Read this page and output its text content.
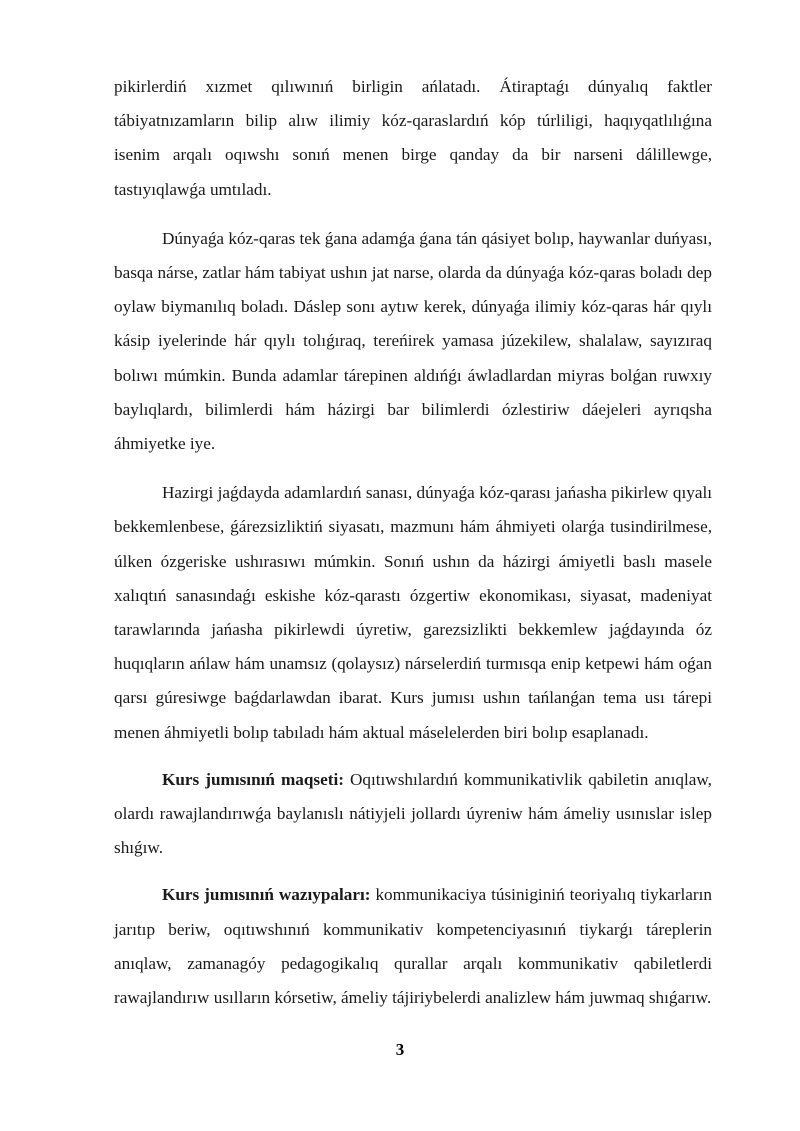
pikirlerdiń xızmet qılıwınıń birligin ańlatadı. Átiraptaǵı dúnyalıq faktler tábiyatnızamların bilip alıw ilimiy kóz-qaraslardıń kóp túrliligi, haqıyqatlılıǵına isenim arqalı oqıwshı sonıń menen birge qanday da bir narseni dálillewge, tastıyıqlawǵa umtıladı.

Dúnyaǵa kóz-qaras tek ǵana adamǵa ǵana tán qásiyet bolıp, haywanlar duńyası, basqa nárse, zatlar hám tabiyat ushın jat narse, olarda da dúnyaǵa kóz-qaras boladı dep oylaw biymanılıq boladı. Dáslep sonı aytıw kerek, dúnyaǵa ilimiy kóz-qaras hár qıylı kásip iyelerinde hár qıylı tolıǵıraq, tereńirek yamasa júzekilew, shalalaw, sayızıraq bolıwı múmkin. Bunda adamlar tárepinen aldıńǵı áwladlardan miyras bolǵan ruwxıy baylıqlardı, bilimlerdi hám házirgi bar bilimlerdi ózlestiriw dáejeleri ayrıqsha áhmiyetke iye.

Hazirgi jaǵdayda adamlardıń sanası, dúnyaǵa kóz-qarası jańasha pikirlew qıyalı bekkemlenbese, ǵárezsizliktiń siyasatı, mazmunı hám áhmiyeti olarǵa tusindirilmese, úlken ózgeriske ushırasıwı múmkin. Sonıń ushın da házirgi ámiyetli baslı masele xalıqtıń sanasındaǵı eskishe kóz-qarastı ózgertiw ekonomikası, siyasat, madeniyat tarawlarında jańasha pikirlewdi úyretiw, garezsizlikti bekkemlew jaǵdayında óz huqıqların ańlaw hám unamsız (qolaysız) nárselerdiń turmısqa enip ketpewi hám oǵan qarsı gúresiwge baǵdarlawdan ibarat. Kurs jumısı ushın tańlanǵan tema usı tárepi menen áhmiyetli bolıp tabıladı hám aktual máselelerden biri bolıp esaplanadı.

Kurs jumısınıń maqseti: Oqıtıwshılardıń kommunikativlik qabiletin anıqlaw, olardı rawajlandırıwǵa baylanıslı nátiyjeli jollardı úyreniw hám ámeliy usınıslar islep shıǵıw.

Kurs jumısınıń wazıypaları: kommunikaciya túsiniginiń teoriyalıq tiykarların jarıtıp beriw, oqıtıwshınıń kommunikativ kompetenciyasınıń tiykarǵı táreplerin anıqlaw, zamanagóy pedagogikalıq qurallar arqalı kommunikativ qabiletlerdi rawajlandırıw usılların kórsetiw, ámeliy tájiriybelerdi analizlew hám juwmaq shıǵarıw.

3
